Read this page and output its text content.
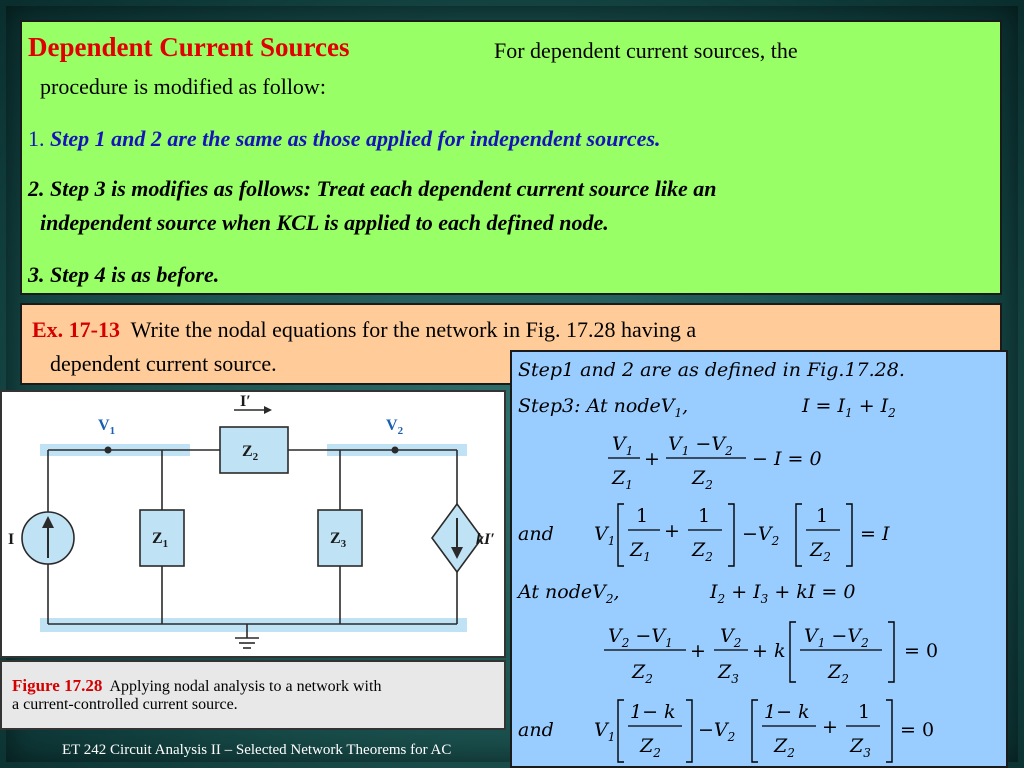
Dependent Current Sources	For dependent current sources, the
procedure is modified as follow:
1. Step 1 and 2 are the same as those applied for independent sources.
2. Step 3 is modifies as follows: Treat each dependent current source like an
independent source when KCL is applied to each defined node.
3. Step 4 is as before.
Ex. 17-13 Write the nodal equations for the network in Fig. 17.28 having a
dependent current source.
$V_1$	$V_2$
I′
$Z_2$
$Z_1$	$Z_3$
I	kI′
Figure 17.28 Applying nodal analysis to a network with
a current-controlled current source.
ET 242 Circuit Analysis II – Selected Network Theorems for AC
Step1 and 2 are as defined in Fig.17.28.
Step3: At nodeV$_1$,	$I = I_1 + I_2$
$V_1$
$Z_1$
+
$V_1 -V_2$
$Z_2$
− I = 0
and $V_1$
1
$Z_1$
+
1
$Z_2$
$-V_2$
1
$Z_2$
= I
At nodeV$_2$,	$I_2 + I_3$ + kI = 0
$V_2 -V_1$
$Z_2$
+
$V_2$
$Z_3$
+ k
$V_1 -V_2$
$Z_2$
= 0
and $V_1$
1− k
$Z_2$
$-V_2$
1− k
$Z_2$
+
1
$Z_3$
= 0
